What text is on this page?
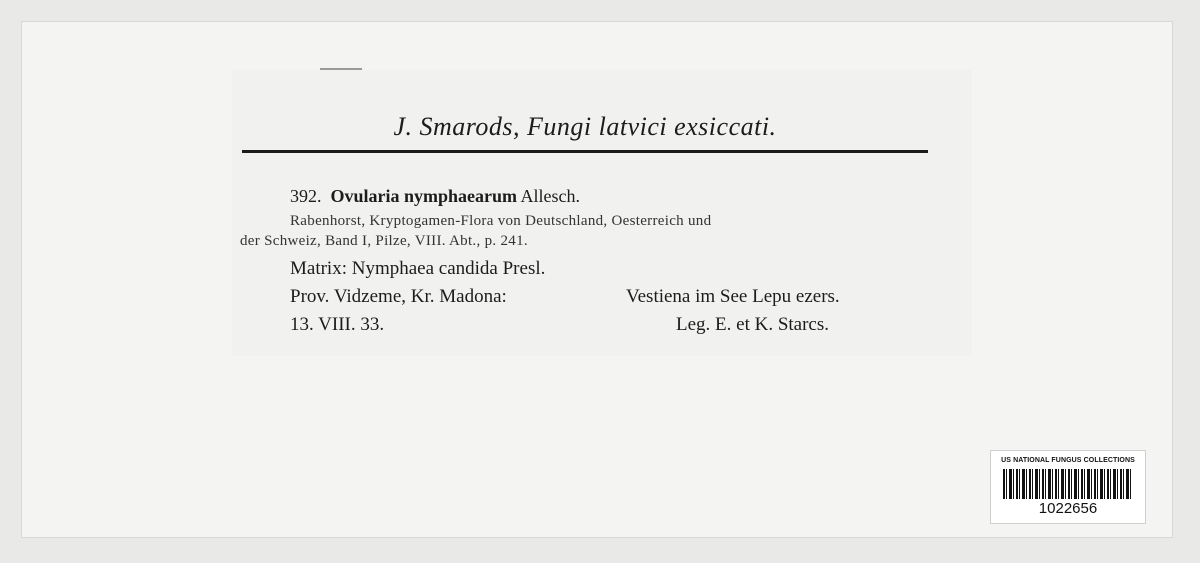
J. Smarods, Fungi latvici exsiccati.
392. Ovularia nymphaearum Allesch.
Rabenhorst, Kryptogamen-Flora von Deutschland, Oesterreich und
der Schweiz, Band I, Pilze, VIII. Abt., p. 241.
Matrix: Nymphaea candida Presl.
Prov. Vidzeme, Kr. Madona:	Vestiena im See Lepu ezers.
13. VIII. 33.	Leg. E. et K. Starcs.
US NATIONAL FUNGUS COLLECTIONS
1022656
